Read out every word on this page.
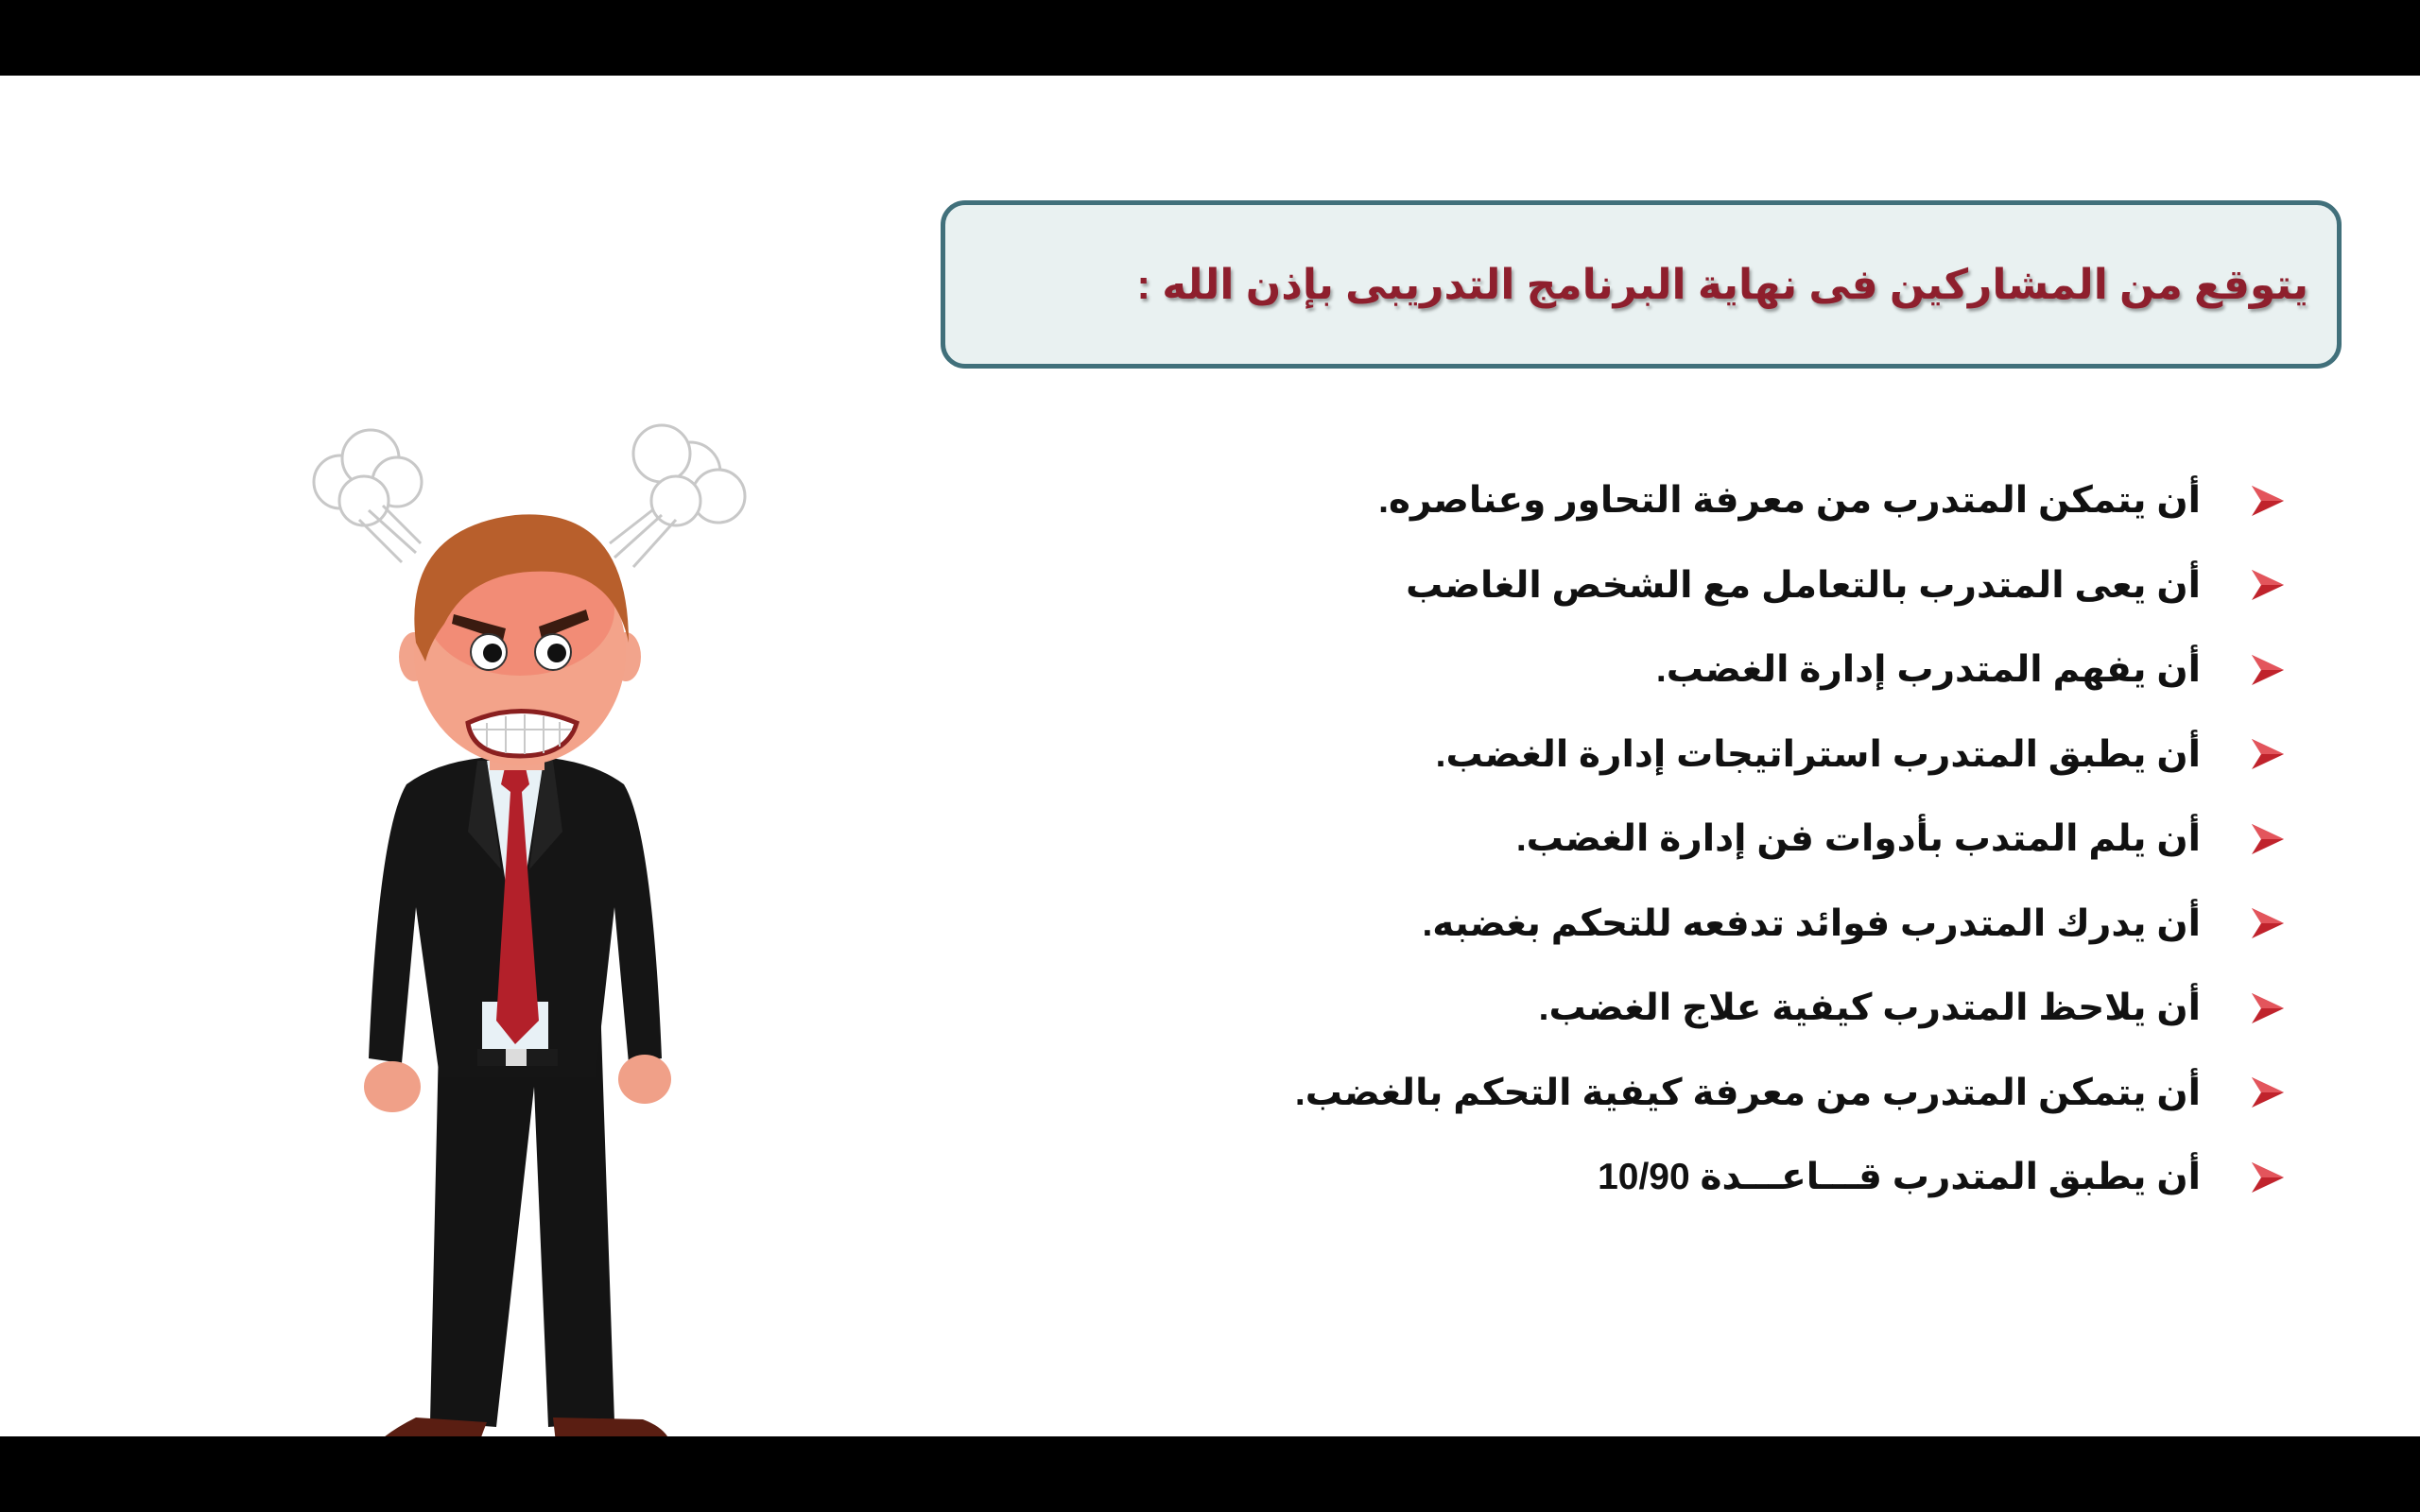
يتوقع من المشاركين فى نهاية البرنامج التدريبى بإذن الله :
أن يتمكن المتدرب من معرفة التحاور وعناصره.
أن يعى المتدرب بالتعامل مع الشخص الغاضب
أن يفهم المتدرب إدارة الغضب.
أن يطبق المتدرب استراتيجات إدارة الغضب.
أن يلم المتدب بأدوات فن إدارة الغضب.
أن يدرك المتدرب فوائد تدفعه للتحكم بغضبه.
أن يلاحظ المتدرب كيفية علاج الغضب.
أن يتمكن المتدرب من معرفة كيفية التحكم بالغضب.
أن يطبق المتدرب قـــاعـــدة 10/90
